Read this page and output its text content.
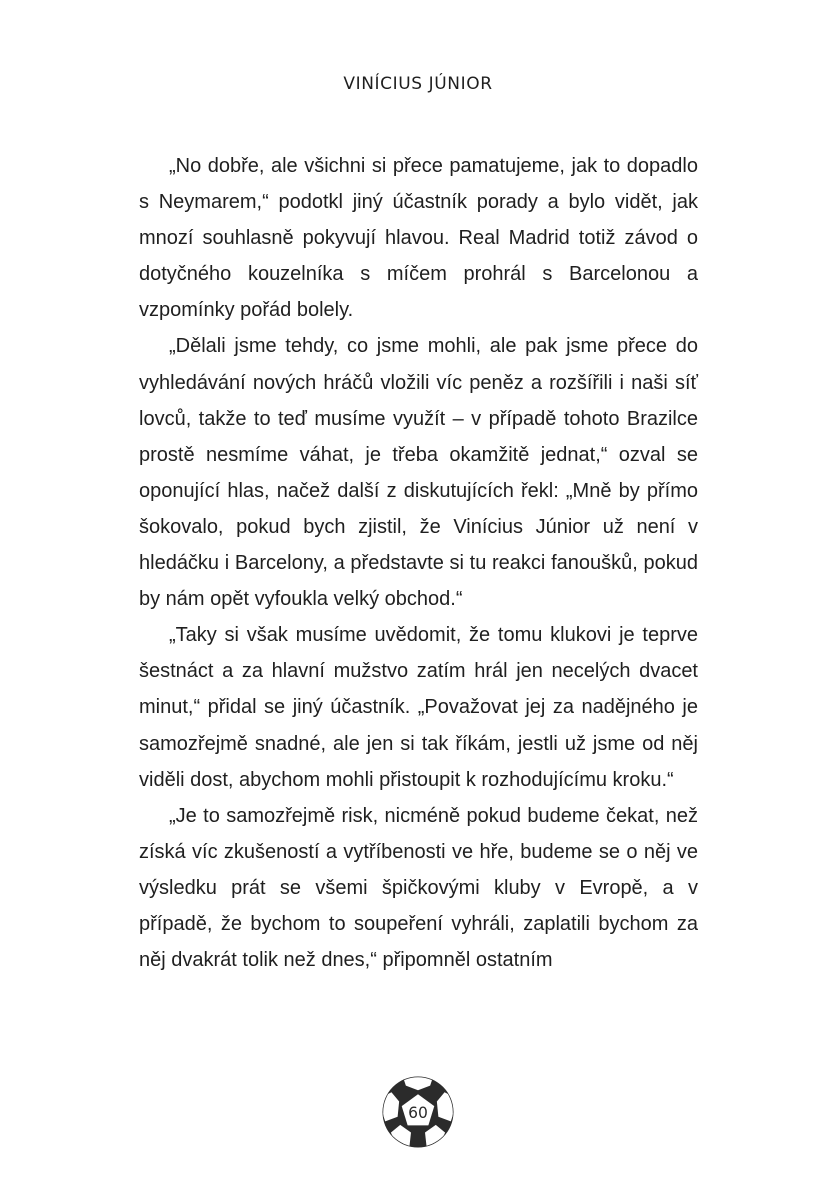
VINÍCIUS JÚNIOR

„No dobře, ale všichni si přece pamatujeme, jak to dopadlo s Neymarem,“ podotkl jiný účastník porady a bylo vidět, jak mnozí souhlasně pokyvují hlavou. Real Madrid totiž závod o dotyčného kouzelníka s míčem prohrál s Barcelonou a vzpomínky pořád bolely.

„Dělali jsme tehdy, co jsme mohli, ale pak jsme přece do vyhledávání nových hráčů vložili víc peněz a rozšířili i naši síť lovců, takže to teď musíme využít – v případě tohoto Brazilce prostě nesmíme váhat, je třeba okamžitě jednat,“ ozval se oponující hlas, načež další z diskutujících řekl: „Mně by přímo šokovalo, pokud bych zjistil, že Vinícius Júnior už není v hledáčku i Barcelony, a představte si tu reakci fanoušků, pokud by nám opět vyfoukla velký obchod.“

„Taky si však musíme uvědomit, že tomu klukovi je teprve šestnáct a za hlavní mužstvo zatím hrál jen necelých dvacet minut,“ přidal se jiný účastník. „Považovat jej za nadějného je samozřejmě snadné, ale jen si tak říkám, jestli už jsme od něj viděli dost, abychom mohli přistoupit k rozhodujícímu kroku.“

„Je to samozřejmě risk, nicméně pokud budeme čekat, než získá víc zkušeností a vytříbenosti ve hře, budeme se o něj ve výsledku prát se všemi špičkovými kluby v Evropě, a v případě, že bychom to soupeření vyhráli, zaplatili bychom za něj dvakrát tolik než dnes,“ připomněl ostatním

60
